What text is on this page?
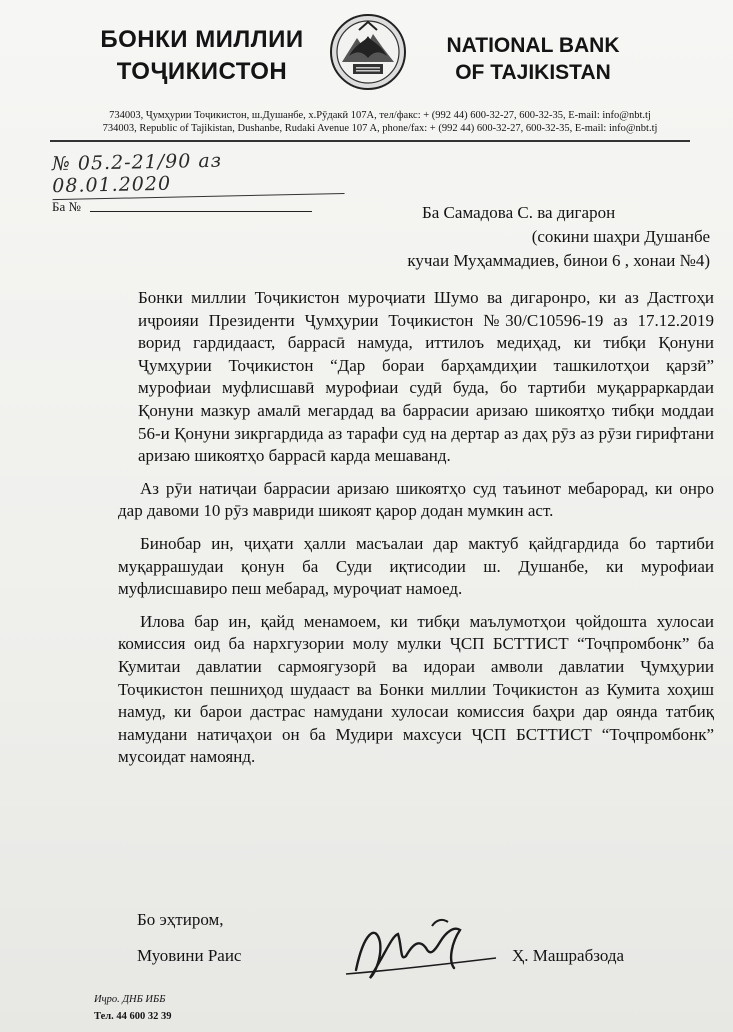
БОНКИ МИЛЛИИ
ТОҶИКИСТОН
NATIONAL BANK
OF TAJIKISTAN
734003, Ҷумҳурии Тоҷикистон, ш.Душанбе, х.Рӯдакӣ 107А, тел/факс: + (992 44) 600-32-27, 600-32-35, E-mail: info@nbt.tj
734003, Republic of Tajikistan, Dushanbe, Rudaki Avenue 107 A, phone/fax: + (992 44) 600-32-27, 600-32-35, E-mail: info@nbt.tj
№ 05.2-21/90 аз 08.01.2020
Ба №	Ба Самадова С. ва дигарон
(сокини шаҳри Душанбе
кучаи Муҳаммадиев, бинои 6 , хонаи №4)

Бонки миллии Тоҷикистон муроҷиати Шумо ва дигаронро, ки аз Дастгоҳи иҷроияи Президенти Ҷумҳурии Тоҷикистон №30/С10596-19 аз 17.12.2019 ворид гардидааст, баррасӣ намуда, иттилоъ медиҳад, ки тибқи Қонуни Ҷумҳурии Тоҷикистон “Дар бораи барҳамдиҳии ташкилотҳои қарзӣ” мурофиаи муфлисшавӣ мурофиаи судӣ буда, бо тартиби муқарраркардаи Қонуни мазкур амалӣ мегардад ва баррасии аризаю шикоятҳо тибқи моддаи 56-и Қонуни зикргардида аз тарафи суд на дертар аз даҳ рӯз аз рӯзи гирифтани аризаю шикоятҳо баррасӣ карда мешаванд.

Аз рӯи натиҷаи баррасии аризаю шикоятҳо суд таъинот мебарорад, ки онро дар давоми 10 рӯз мавриди шикоят қарор додан мумкин аст.

Бинобар ин, ҷиҳати ҳалли масъалаи дар мактуб қайдгардида бо тартиби муқаррашудаи қонун ба Суди иқтисодии ш. Душанбе, ки мурофиаи муфлисшавиро пеш мебарад, муроҷиат намоед.

Илова бар ин, қайд менамоем, ки тибқи маълумотҳои ҷойдошта хулосаи комиссия оид ба нархгузории молу мулки ҶСП БСТТИСТ “Тоҷпромбонк” ба Кумитаи давлатии сармоягузорӣ ва идораи амволи давлатии Ҷумҳурии Тоҷикистон пешниҳод шудааст ва Бонки миллии Тоҷикистон аз Кумита хоҳиш намуд, ки барои дастрас намудани хулосаи комиссия баҳри дар оянда татбиқ намудани натиҷаҳои он ба Мудири махсуси ҶСП БСТТИСТ “Тоҷпромбонк” мусоидат намоянд.

Бо эҳтиром,
Муовини Раис	Ҳ. Машрабзода
Иҷро. ДНБ ИББ
Тел. 44 600 32 39
